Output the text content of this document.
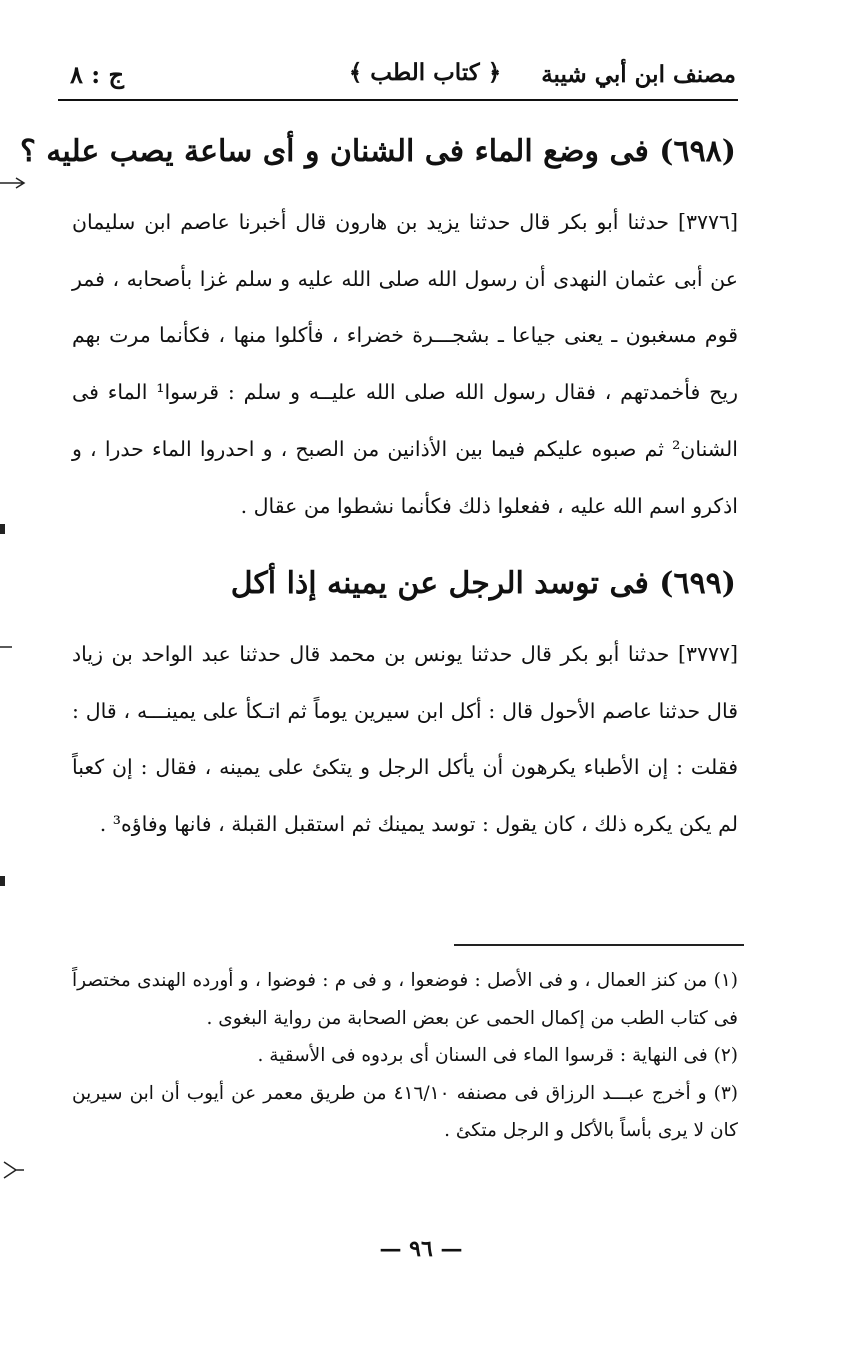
مصنف ابن أبي شيبة
﴿ كتاب الطب ﴾
ج : ٨
(٦٩٨) فى وضع الماء فى الشنان و أى ساعة يصب عليه ؟
[٣٧٧٦] حدثنا أبو بكر قال حدثنا يزيد بن هارون قال أخبرنا عاصم ابن سليمان عن أبى عثمان النهدى أن رسول الله صلى الله عليه و سلم غزا بأصحابه ، فمر قوم مسغبون ـ يعنى جياعا ـ بشجـــرة خضراء ، فأكلوا منها ، فكأنما مرت بهم ريح فأخمدتهم ، فقال رسول الله صلى الله عليــه و سلم : قرسوا¹ الماء فى الشنان² ثم صبوه عليكم فيما بين الأذانين من الصبح ، و احدروا الماء حدرا ، و اذكرو اسم الله عليه ، ففعلوا ذلك فكأنما نشطوا من عقال .
(٦٩٩) فى توسد الرجل عن يمينه إذا أكل
[٣٧٧٧] حدثنا أبو بكر قال حدثنا يونس بن محمد قال حدثنا عبد الواحد بن زياد قال حدثنا عاصم الأحول قال : أكل ابن سيرين يوماً ثم اتـكأ على يمينـــه ، قال : فقلت : إن الأطباء يكرهون أن يأكل الرجل و يتكئ على يمينه ، فقال : إن كعباً لم يكن يكره ذلك ، كان يقول : توسد يمينك ثم استقبل القبلة ، فانها وفاؤه³ .
(١) من كنز العمال ، و فى الأصل : فوضعوا ، و فى م : فوضوا ، و أورده الهندى مختصراً فى كتاب الطب من إكمال الحمى عن بعض الصحابة من رواية البغوى .
(٢) فى النهاية : قرسوا الماء فى السنان أى بردوه فى الأسقية .
(٣) و أخرج عبـــد الرزاق فى مصنفه ٤١٦/١٠ من طريق معمر عن أيوب أن ابن سيرين كان لا يرى بأساً بالأكل و الرجل متكئ .
— ٩٦ —
